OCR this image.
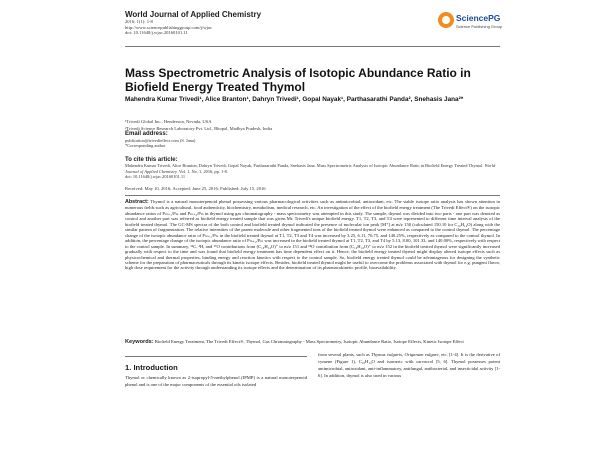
World Journal of Applied Chemistry
2016; 1(1): 1-8
http://www.sciencepublishinggroup.com/j/wjac
doi: 10.11648/j.wjac.20160101.11
SciencePG
Science Publishing Group
Mass Spectrometric Analysis of Isotopic Abundance Ratio in Biofield Energy Treated Thymol
Mahendra Kumar Trivedi¹, Alice Branton¹, Dahryn Trivedi¹, Gopal Nayak¹, Parthasarathi Panda², Snehasis Jana²*
¹Trivedi Global Inc., Henderson, Nevada, USA
²Trivedi Science Research Laboratory Pvt. Ltd., Bhopal, Madhya Pradesh, India
Email address:
publication@trivedieffect.com (S. Jana)
*Corresponding author
To cite this article:
Mahendra Kumar Trivedi, Alice Branton, Dahryn Trivedi, Gopal Nayak, Parthasarathi Panda, Snehasis Jana. Mass Spectrometric Analysis of Isotopic Abundance Ratio in Biofield Energy Treated Thymol. World Journal of Applied Chemistry. Vol. 1, No. 1, 2016, pp. 1-8.
doi: 10.11648/j.wjac.20160101.11
Received: May 10, 2016; Accepted: June 25, 2016; Published: July 15, 2016
Abstract: Thymol is a natural monoterpenoid phenol possessing various pharmacological activities such as antimicrobial, antioxidant, etc. The stable isotope ratio analysis has shown attention in numerous fields such as agricultural, food authenticity, biochemistry, metabolism, medical research, etc. An investigation of the effect of the biofield energy treatment (The Trivedi Effect®) on the isotopic abundance ratios of Pₘ₊₁/Pₘ and Pₘ₊₂/Pₘ in thymol using gas chromatography - mass spectrometry was attempted in this study. The sample, thymol was divided into two parts - one part was denoted as control and another part was referred as biofield energy treated sample that was given Mr. Trivedi's unique biofield energy. T1, T2, T3, and T4 were represented to different time interval analysis of the biofield treated thymol. The GC-MS spectra of the both control and biofield treated thymol indicated the presence of molecular ion peak [M⁺] at m/z 150 (calculated 150.10 for C₁₀H₁₄O) along with the similar pattern of fragmentation. The relative intensities of the parent molecule and other fragmented ions of the biofield treated thymol were enhanced as compared to the control thymol. The percentage change of the isotopic abundance ratio of Pₘ₊₁/Pₘ in the biofield treated thymol at T1, T2, T3 and T4 was increased by 3.25, 6.11, 76.75, and 140.25%, respectively as compared to the control thymol. In addition, the percentage change of the isotopic abundance ratio of Pₘ₊₂/Pₘ was increased in the biofield treated thymol at T1, T2, T3, and T4 by 5.13, 8.00, 101.33, and 140.00%, respectively with respect to the control sample. In summary, ¹³C, ²H, and ¹⁷O contributions from (C₁₀H₁₄O)⁺ to m/z 151 and ¹⁸O contribution from (C₁₀H₁₄O)⁺ to m/z 152 in the biofield treated thymol were significantly increased gradually with respect to the time and was found that biofield energy treatment has time dependent effect on it. Hence, the biofield energy treated thymol might display altered isotope effects such as physicochemical and thermal properties, binding energy and reaction kinetics with respect to the control sample. So, biofield energy treated thymol could be advantageous for designing the synthetic scheme for the preparation of pharmaceuticals through its kinetic isotope effects. Besides, biofield treated thymol might be useful to overcome the problems associated with thymol for e.g. pungent flavor, high dose requirement for the activity through understanding its isotope effects and the determination of its pharmacokinetic profile, bioavailability.
Keywords: Biofield Energy Treatment, The Trivedi Effect®, Thymol, Gas Chromatography - Mass Spectrometry, Isotopic Abundance Ratio, Isotope Effects, Kinetic Isotope Effect
1. Introduction
Thymol or chemically known as 2-isopropyl-5-methylphenol (IPMP) is a natural monoterpenoid phenol and is one of the major components of the essential oils isolated
from several plants, such as Thymus vulgaris, Origanum vulgare, etc. [1-4]. It is the derivative of cymene (Figure 1), C₁₀H₁₄O and isomeric with carvacrol [5, 6]. Thymol possesses potent antimicrobial, antioxidant, anti-inflammatory, antifungal, antibacterial, and insecticidal activity [1-6]. In addition, thymol is also used in various
